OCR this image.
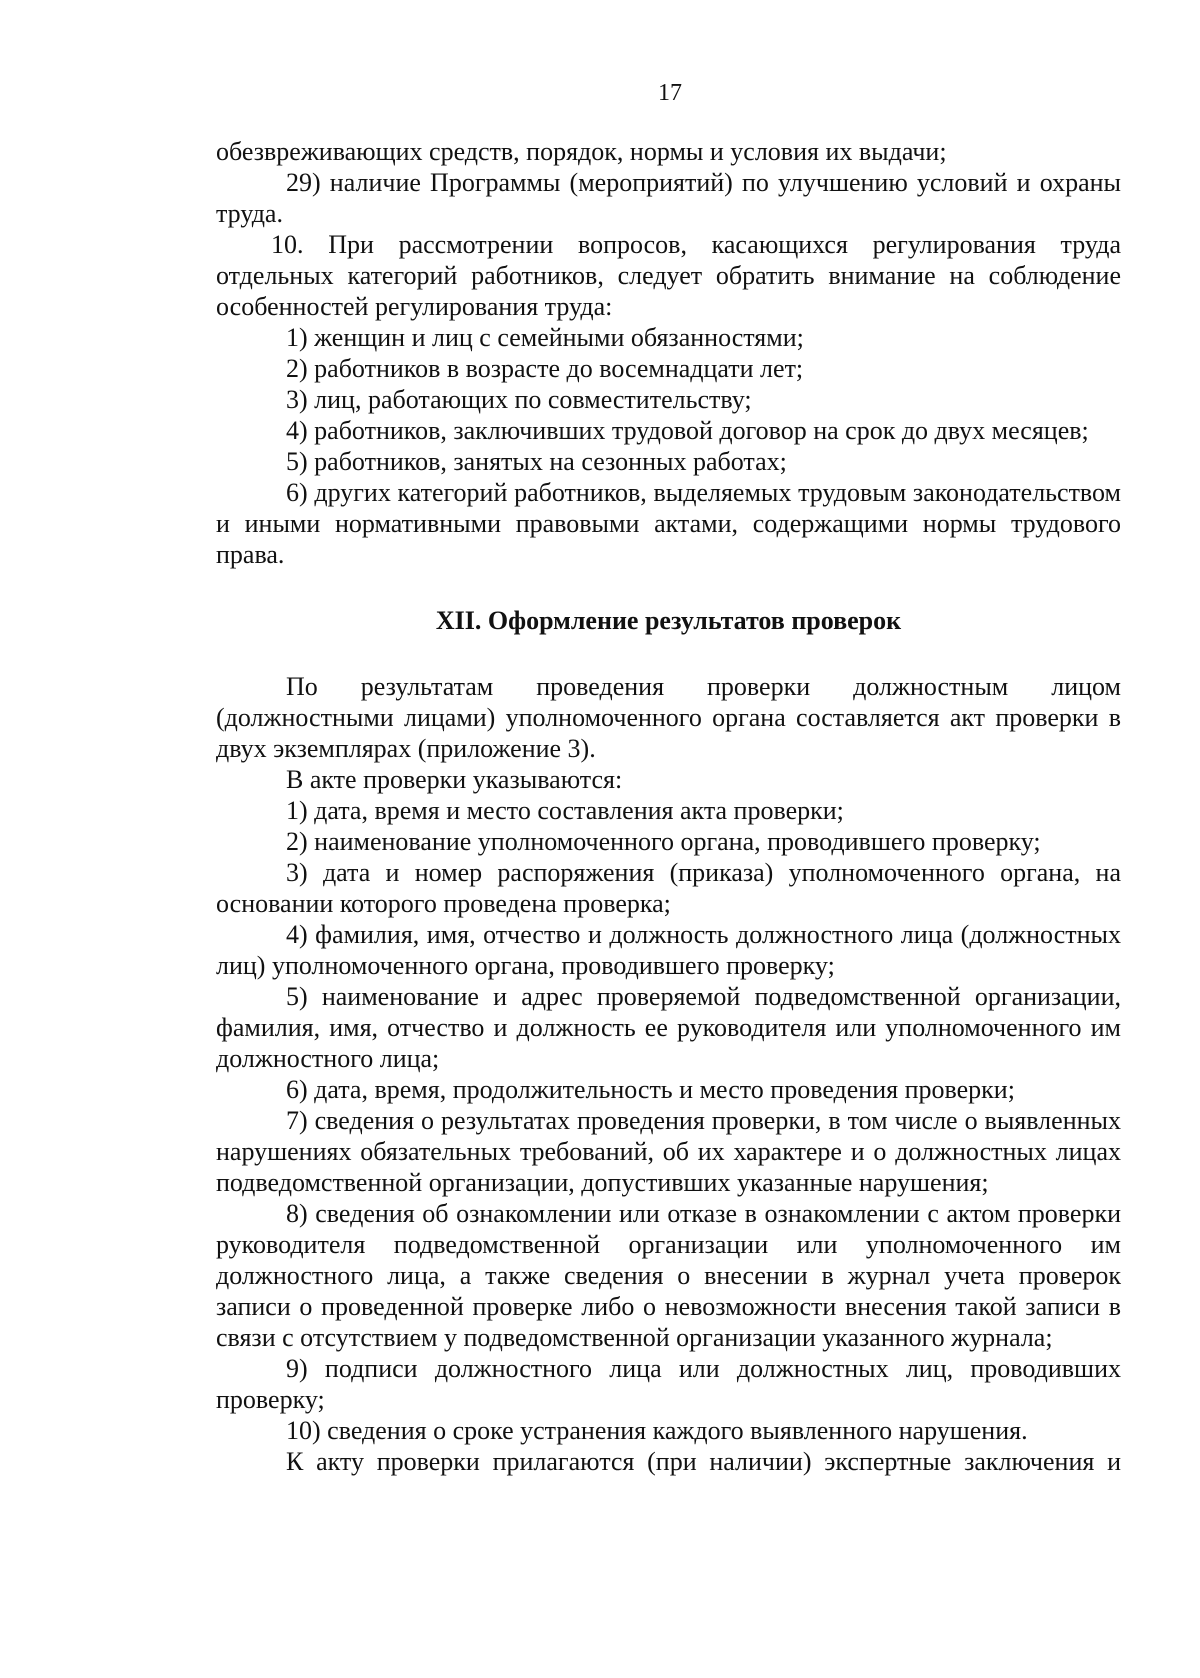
17

обезвреживающих средств, порядок, нормы и условия их выдачи;

29) наличие Программы (мероприятий) по улучшению условий и охраны труда.

10. При рассмотрении вопросов, касающихся регулирования труда отдельных категорий работников, следует обратить внимание на соблюдение особенностей регулирования труда:

1) женщин и лиц с семейными обязанностями;

2) работников в возрасте до восемнадцати лет;

3) лиц, работающих по совместительству;

4) работников, заключивших трудовой договор на срок до двух месяцев;

5) работников, занятых на сезонных работах;

6) других категорий работников, выделяемых трудовым законодательством и иными нормативными правовыми актами, содержащими нормы трудового права.

XII. Оформление результатов проверок

По результатам проведения проверки должностным лицом (должностными лицами) уполномоченного органа составляется акт проверки в двух экземплярах (приложение 3).

В акте проверки указываются:

1) дата, время и место составления акта проверки;

2) наименование уполномоченного органа, проводившего проверку;

3) дата и номер распоряжения (приказа) уполномоченного органа, на основании которого проведена проверка;

4) фамилия, имя, отчество и должность должностного лица (должностных лиц) уполномоченного органа, проводившего проверку;

5) наименование и адрес проверяемой подведомственной организации, фамилия, имя, отчество и должность ее руководителя или уполномоченного им должностного лица;

6) дата, время, продолжительность и место проведения проверки;

7) сведения о результатах проведения проверки, в том числе о выявленных нарушениях обязательных требований, об их характере и о должностных лицах подведомственной организации, допустивших указанные нарушения;

8) сведения об ознакомлении или отказе в ознакомлении с актом проверки руководителя подведомственной организации или уполномоченного им должностного лица, а также сведения о внесении в журнал учета проверок записи о проведенной проверке либо о невозможности внесения такой записи в связи с отсутствием у подведомственной организации указанного журнала;

9) подписи должностного лица или должностных лиц, проводивших проверку;

10) сведения о сроке устранения каждого выявленного нарушения.

К акту проверки прилагаются (при наличии) экспертные заключения и
